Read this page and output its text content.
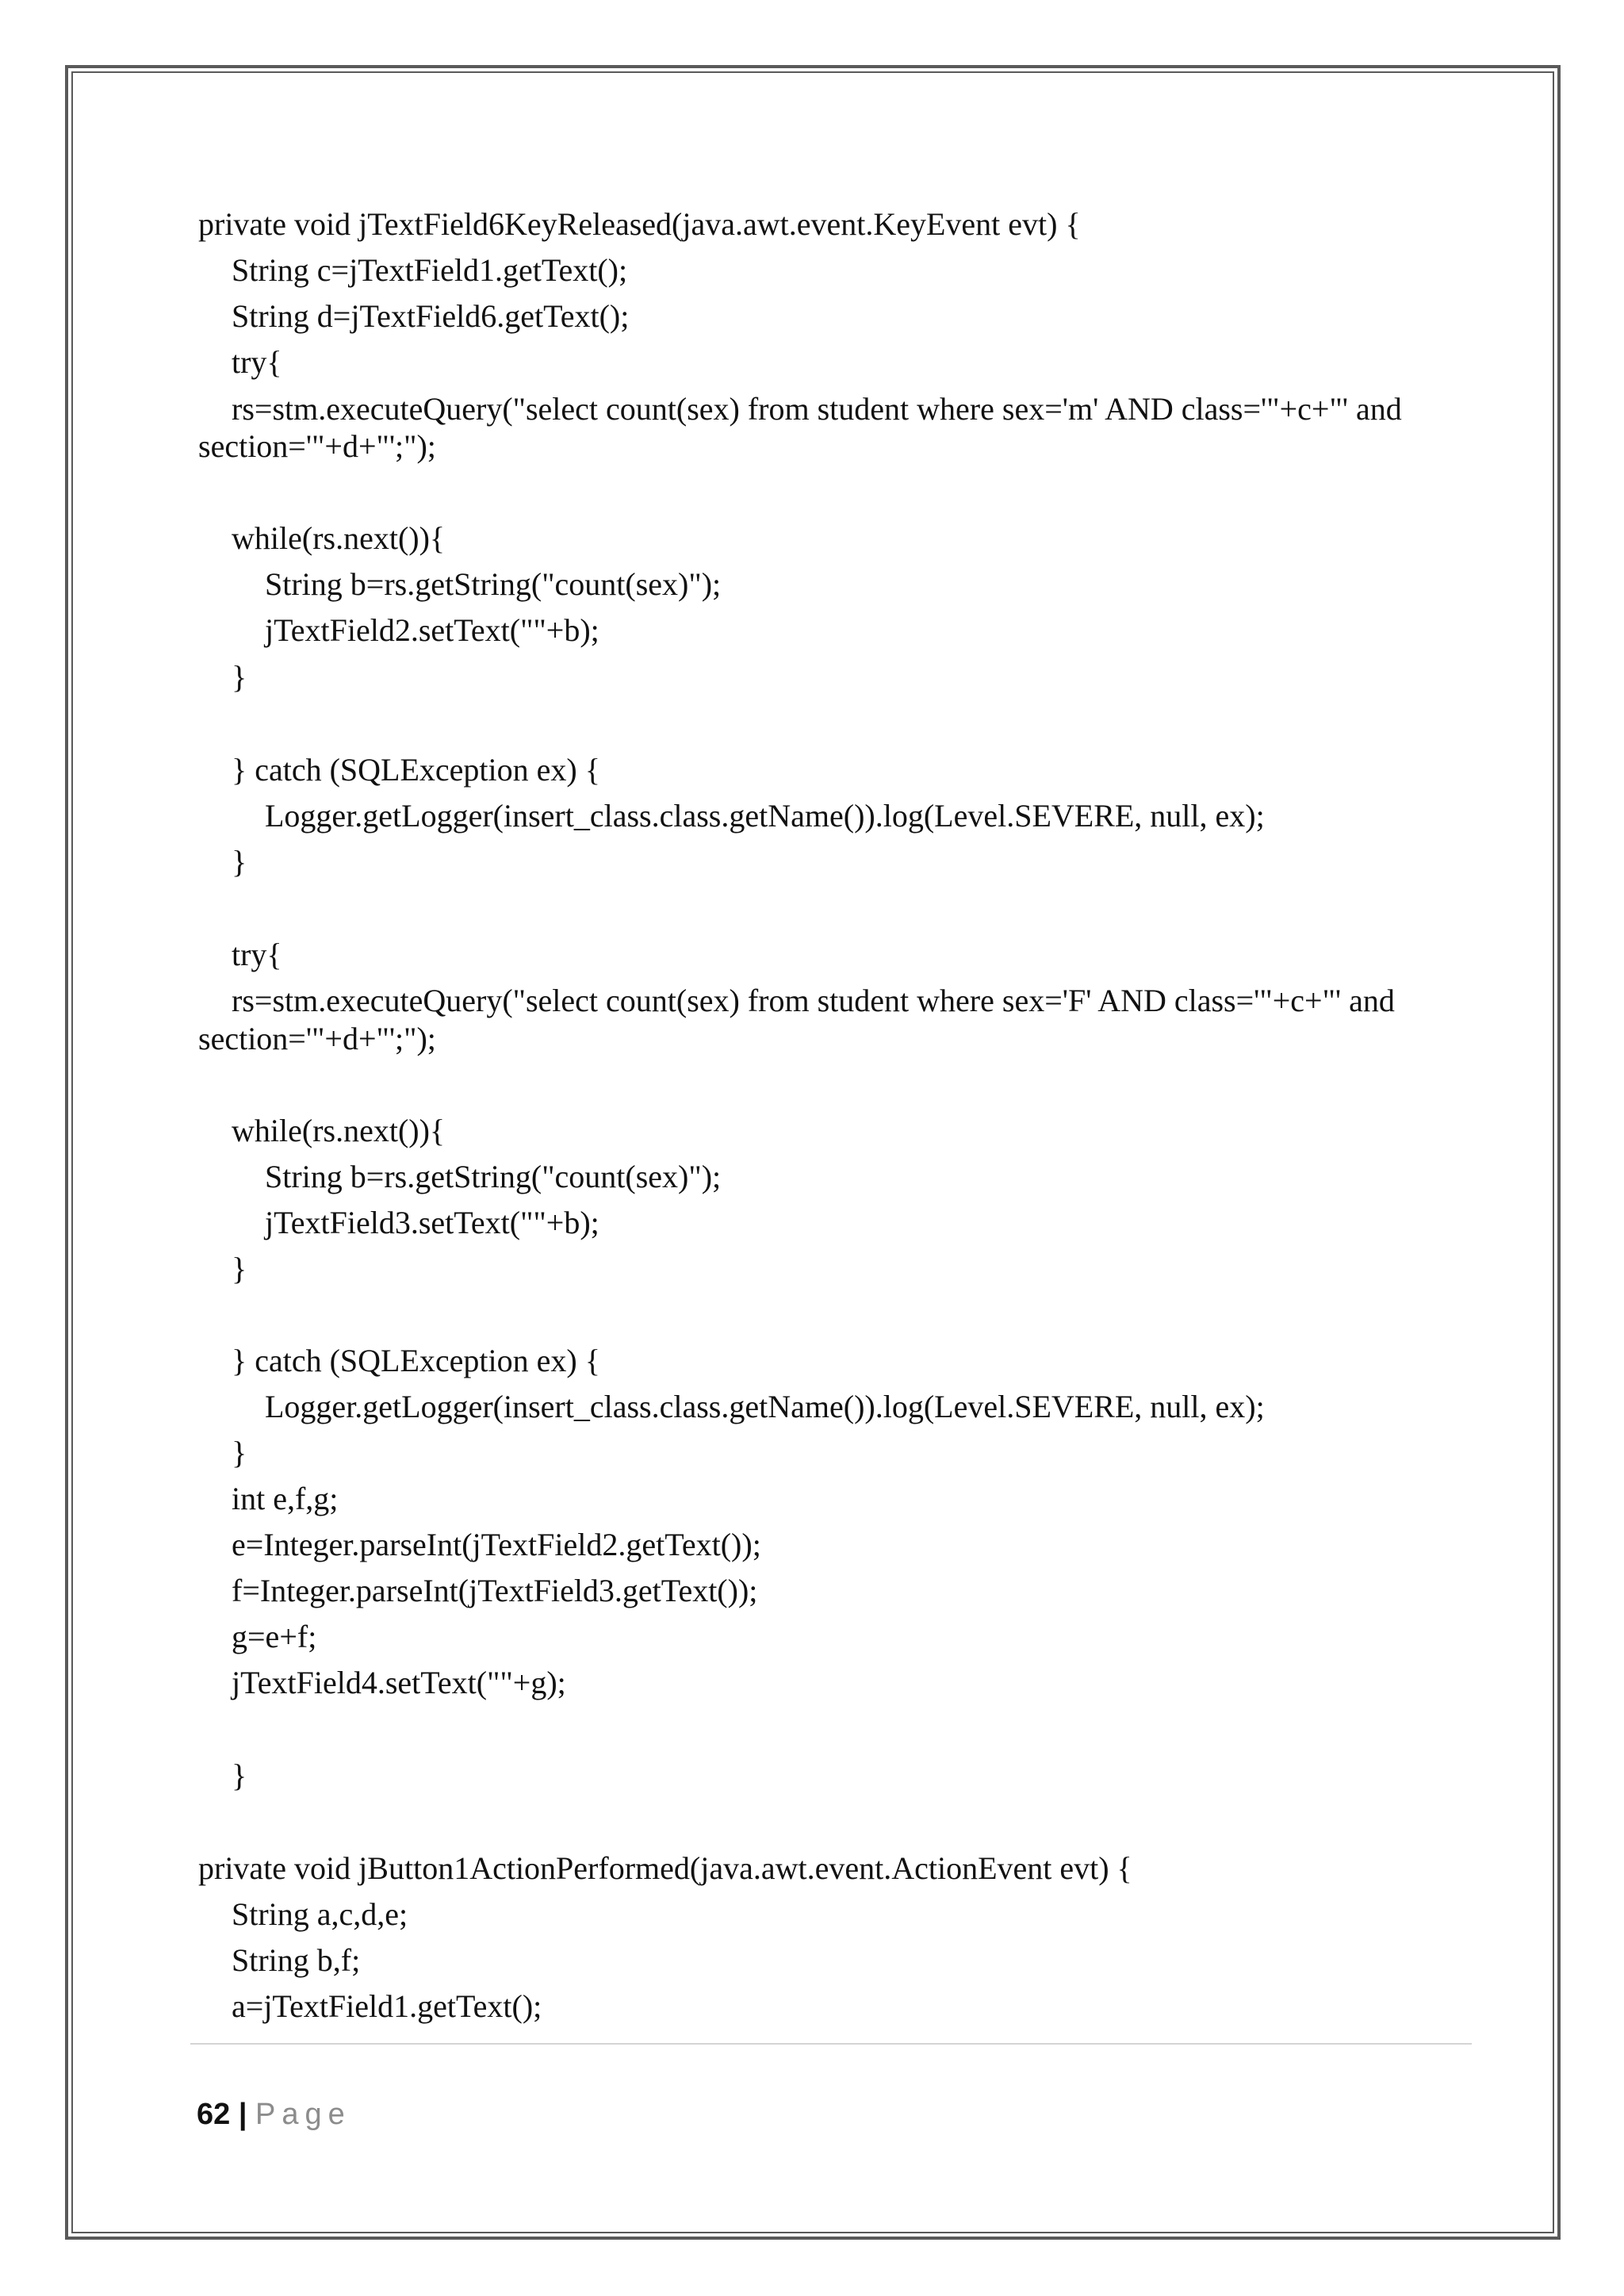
private void jTextField6KeyReleased(java.awt.event.KeyEvent evt) {
String c=jTextField1.getText();
String d=jTextField6.getText();
try{
rs=stm.executeQuery("select count(sex) from student where sex='m' AND class='"+c+"' and
section='"+d+"';");
while(rs.next()){
String b=rs.getString("count(sex)");
jTextField2.setText(""+b);
}
} catch (SQLException ex) {
Logger.getLogger(insert_class.class.getName()).log(Level.SEVERE, null, ex);
}
try{
rs=stm.executeQuery("select count(sex) from student where sex='F' AND class='"+c+"' and
section='"+d+"';");
while(rs.next()){
String b=rs.getString("count(sex)");
jTextField3.setText(""+b);
}
} catch (SQLException ex) {
Logger.getLogger(insert_class.class.getName()).log(Level.SEVERE, null, ex);
}
int e,f,g;
e=Integer.parseInt(jTextField2.getText());
f=Integer.parseInt(jTextField3.getText());
g=e+f;
jTextField4.setText(""+g);
}
private void jButton1ActionPerformed(java.awt.event.ActionEvent evt) {
String a,c,d,e;
String b,f;
a=jTextField1.getText();
62 | Page
